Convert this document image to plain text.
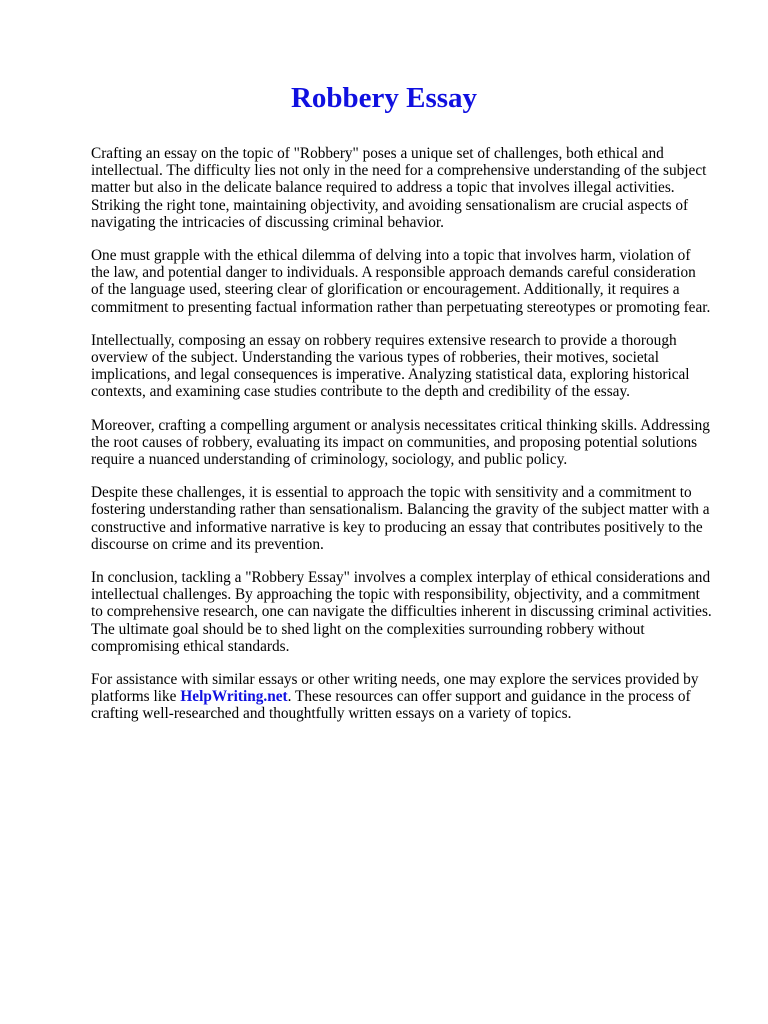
Robbery Essay

Crafting an essay on the topic of "Robbery" poses a unique set of challenges, both ethical and
intellectual. The difficulty lies not only in the need for a comprehensive understanding of the subject
matter but also in the delicate balance required to address a topic that involves illegal activities.
Striking the right tone, maintaining objectivity, and avoiding sensationalism are crucial aspects of
navigating the intricacies of discussing criminal behavior.

One must grapple with the ethical dilemma of delving into a topic that involves harm, violation of
the law, and potential danger to individuals. A responsible approach demands careful consideration
of the language used, steering clear of glorification or encouragement. Additionally, it requires a
commitment to presenting factual information rather than perpetuating stereotypes or promoting fear.

Intellectually, composing an essay on robbery requires extensive research to provide a thorough
overview of the subject. Understanding the various types of robberies, their motives, societal
implications, and legal consequences is imperative. Analyzing statistical data, exploring historical
contexts, and examining case studies contribute to the depth and credibility of the essay.

Moreover, crafting a compelling argument or analysis necessitates critical thinking skills. Addressing
the root causes of robbery, evaluating its impact on communities, and proposing potential solutions
require a nuanced understanding of criminology, sociology, and public policy.

Despite these challenges, it is essential to approach the topic with sensitivity and a commitment to
fostering understanding rather than sensationalism. Balancing the gravity of the subject matter with a
constructive and informative narrative is key to producing an essay that contributes positively to the
discourse on crime and its prevention.

In conclusion, tackling a "Robbery Essay" involves a complex interplay of ethical considerations and
intellectual challenges. By approaching the topic with responsibility, objectivity, and a commitment
to comprehensive research, one can navigate the difficulties inherent in discussing criminal activities.
The ultimate goal should be to shed light on the complexities surrounding robbery without
compromising ethical standards.

For assistance with similar essays or other writing needs, one may explore the services provided by
platforms like HelpWriting.net. These resources can offer support and guidance in the process of
crafting well-researched and thoughtfully written essays on a variety of topics.
